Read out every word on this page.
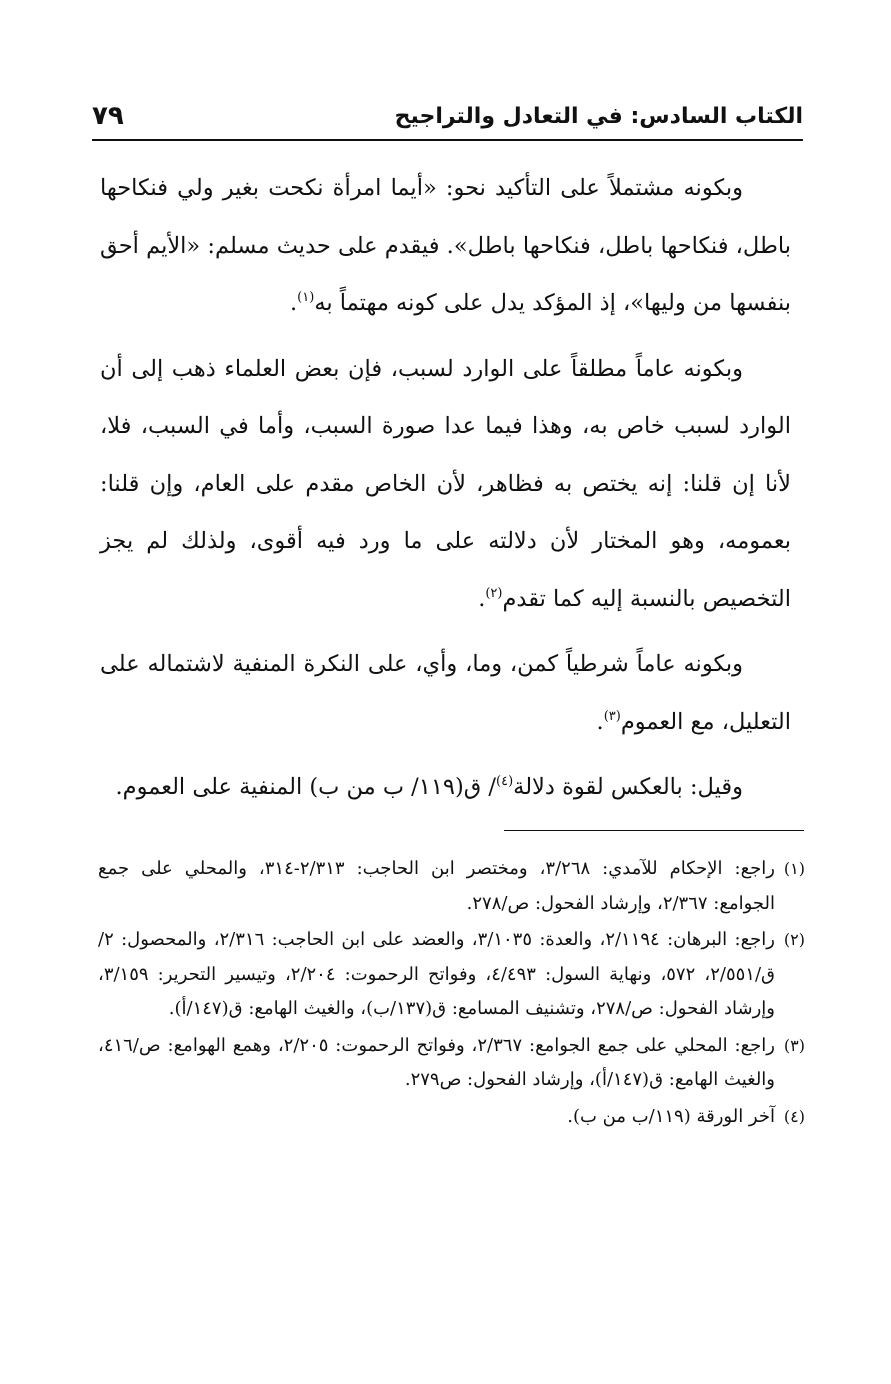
الكتاب السادس: في التعادل والتراجيح
٧٩

وبكونه مشتملاً على التأكيد نحو: «أيما امرأة نكحت بغير ولي فنكاحها باطل، فنكاحها باطل، فنكاحها باطل». فيقدم على حديث مسلم: «الأيم أحق بنفسها من وليها»، إذ المؤكد يدل على كونه مهتماً به$^{(١)}$.

وبكونه عاماً مطلقاً على الوارد لسبب، فإن بعض العلماء ذهب إلى أن الوارد لسبب خاص به، وهذا فيما عدا صورة السبب، وأما في السبب، فلا، لأنا إن قلنا: إنه يختص به فظاهر، لأن الخاص مقدم على العام، وإن قلنا: بعمومه، وهو المختار لأن دلالته على ما ورد فيه أقوى، ولذلك لم يجز التخصيص بالنسبة إليه كما تقدم$^{(٢)}$.

وبكونه عاماً شرطياً كمن، وما، وأي، على النكرة المنفية لاشتماله على التعليل، مع العموم$^{(٣)}$.

وقيل: بالعكس لقوة دلالة$^{(٤)}$/ ق(١١٩/ ب من ب) المنفية على العموم.

(١)
راجع: الإحكام للآمدي: ٣/٢٦٨، ومختصر ابن الحاجب: ٢/٣١٣-٣١٤، والمحلي على جمع الجوامع: ٢/٣٦٧، وإرشاد الفحول: ص/٢٧٨.
(٢)
راجع: البرهان: ٢/١١٩٤، والعدة: ٣/١٠٣٥، والعضد على ابن الحاجب: ٢/٣١٦، والمحصول: ٢/ق/٢/٥٥١، ٥٧٢، ونهاية السول: ٤/٤٩٣، وفواتح الرحموت: ٢/٢٠٤، وتيسير التحرير: ٣/١٥٩، وإرشاد الفحول: ص/٢٧٨، وتشنيف المسامع: ق(١٣٧/ب)، والغيث الهامع: ق(١٤٧/أ).
(٣)
راجع: المحلي على جمع الجوامع: ٢/٣٦٧، وفواتح الرحموت: ٢/٢٠٥، وهمع الهوامع: ص/٤١٦، والغيث الهامع: ق(١٤٧/أ)، وإرشاد الفحول: ص٢٧٩.
(٤)
آخر الورقة (١١٩/ب من ب).
